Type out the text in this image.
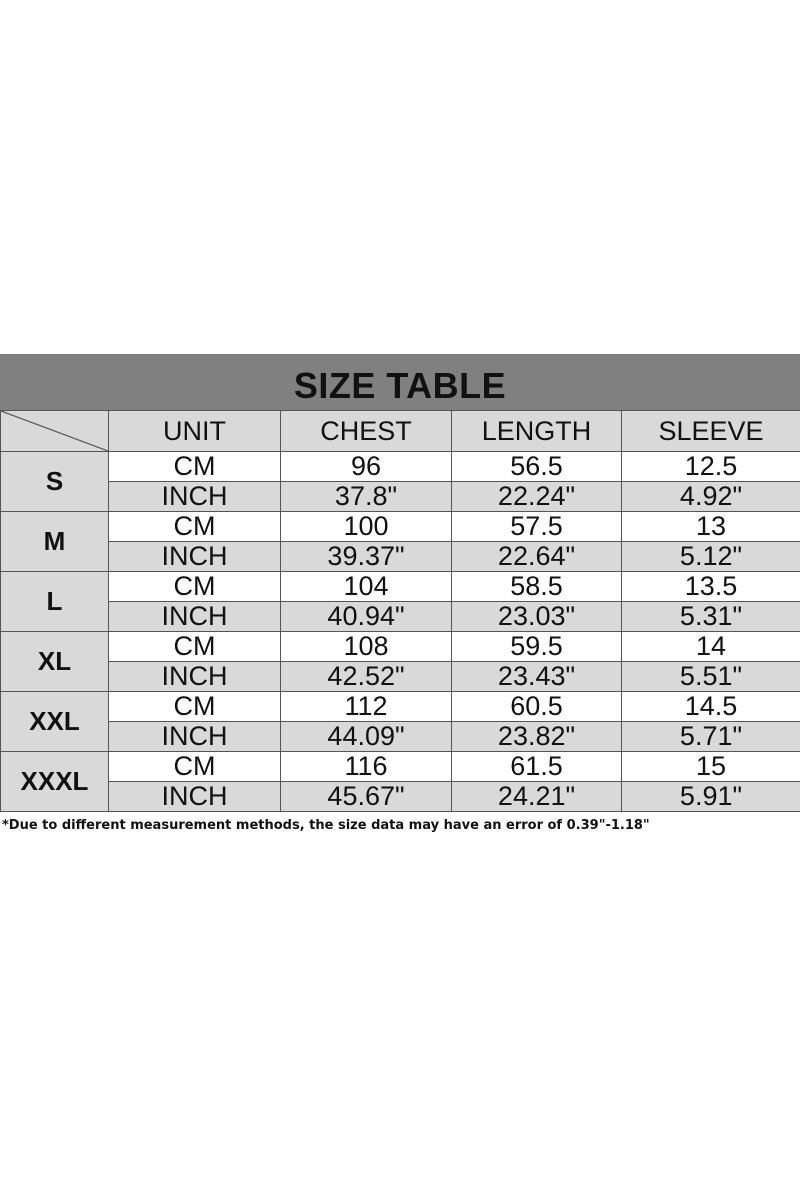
SIZE TABLE
	UNIT	CHEST	LENGTH	SLEEVE
S	CM	96	56.5	12.5
	INCH	37.8"	22.24"	4.92"
M	CM	100	57.5	13
	INCH	39.37"	22.64"	5.12"
L	CM	104	58.5	13.5
	INCH	40.94"	23.03"	5.31"
XL	CM	108	59.5	14
	INCH	42.52"	23.43"	5.51"
XXL	CM	112	60.5	14.5
	INCH	44.09"	23.82"	5.71"
XXXL	CM	116	61.5	15
	INCH	45.67"	24.21"	5.91"
*Due to different measurement methods, the size data may have an error of 0.39"-1.18"
